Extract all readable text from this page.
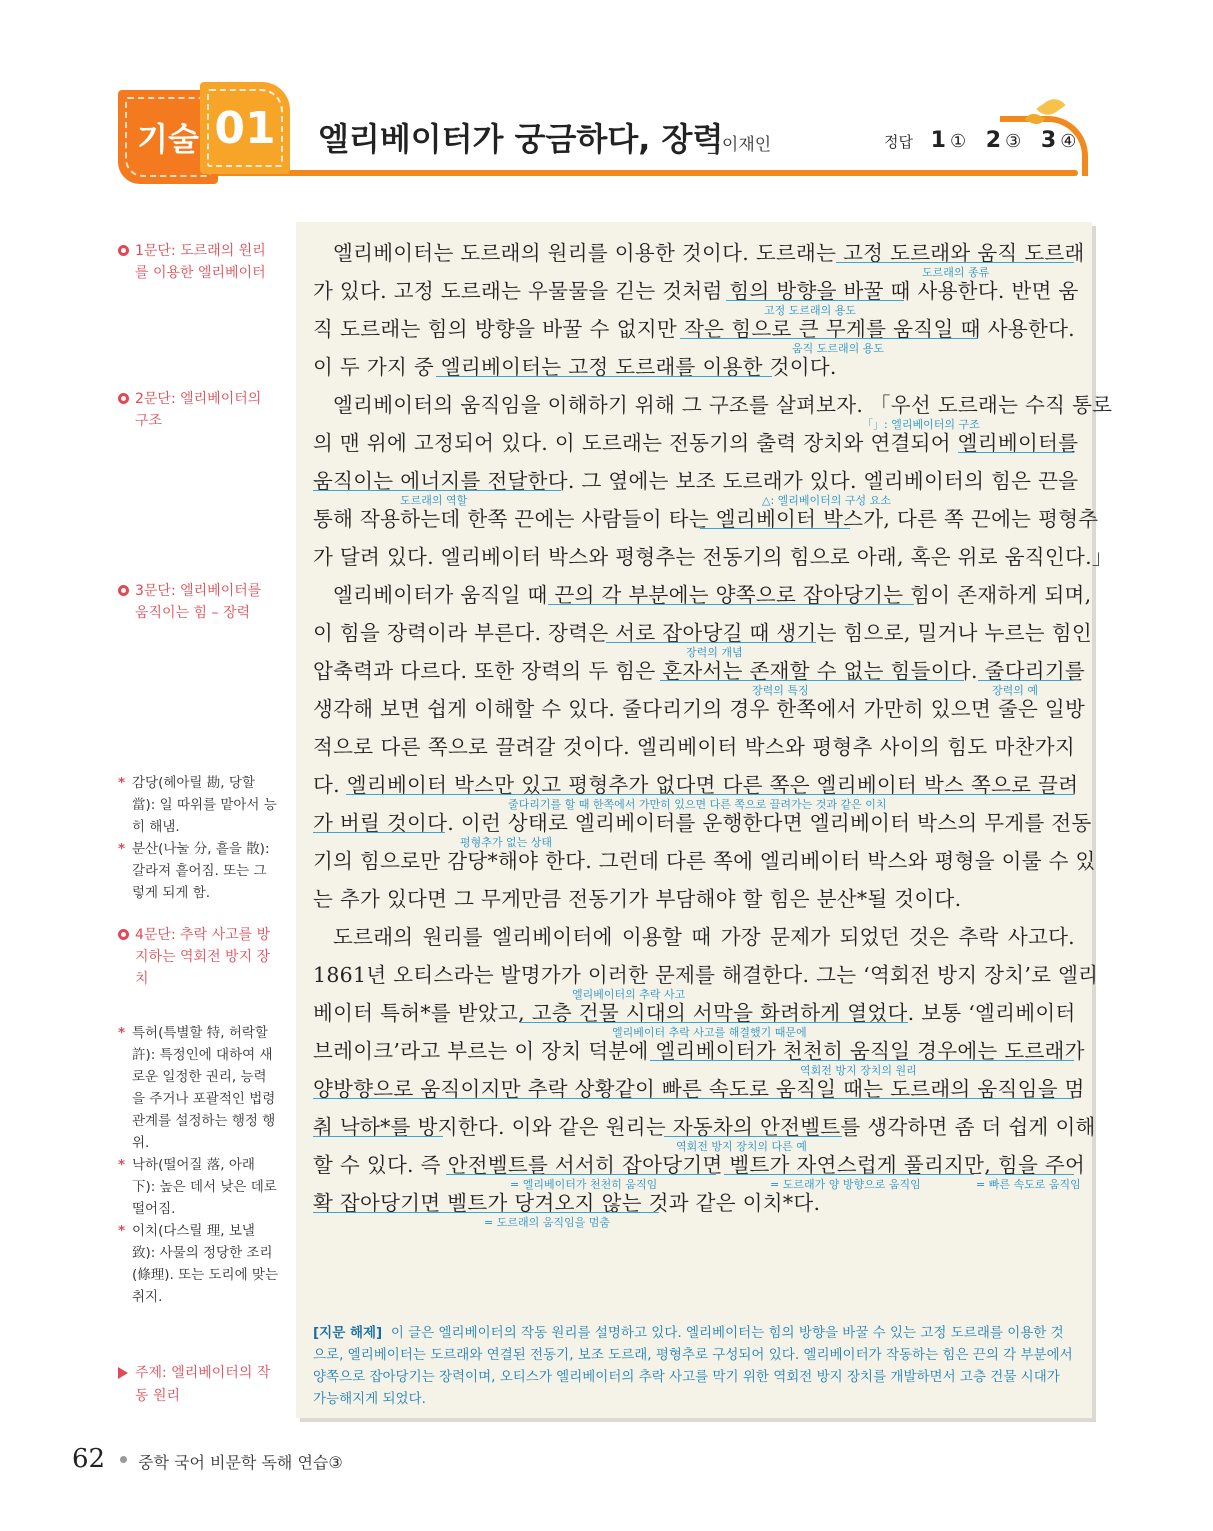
기술 01 엘리베이터가 궁금하다, 장력
_ 이재인	정답 1 ① 2 ③ 3 ④
1문단: 도르래의 원리를 이용한 엘리베이터
2문단: 엘리베이터의 구조
3문단: 엘리베이터를 움직이는 힘 – 장력

* 감당(헤아릴 勘, 당할 當): 일 따위를 맡아서 능히 해냄.

* 분산(나눌 分, 흩을 散): 갈라져 흩어짐. 또는 그렇게 되게 함.

4문단: 추락 사고를 방지하는 역회전 방지 장치

* 특허(특별할 特, 허락할 許): 특정인에 대하여 새로운 일정한 권리, 능력을 주거나 포괄적인 법령 관계를 설정하는 행정 행위.

* 낙하(떨어질 落, 아래 下): 높은 데서 낮은 데로 떨어짐.

* 이치(다스릴 理, 보낼 致): 사물의 정당한 조리(條理). 또는 도리에 맞는 취지.

주제: 엘리베이터의 작동 원리
엘리베이터는 도르래의 원리를 이용한 것이다. 도르래는 고정 도르래와 움직 도르래
가 있다. 고정 도르래는 우물물을 긷는 것처럼 힘의 방향을 바꿀 때 사용한다. 반면 움
직 도르래는 힘의 방향을 바꿀 수 없지만 작은 힘으로 큰 무게를 움직일 때 사용한다.
이 두 가지 중 엘리베이터는 고정 도르래를 이용한 것이다.
엘리베이터의 움직임을 이해하기 위해 그 구조를 살펴보자. 「우선 도르래는 수직 통로
의 맨 위에 고정되어 있다. 이 도르래는 전동기의 출력 장치와 연결되어 엘리베이터를
움직이는 에너지를 전달한다. 그 옆에는 보조 도르래가 있다. 엘리베이터의 힘은 끈을
통해 작용하는데 한쪽 끈에는 사람들이 타는 엘리베이터 박스가, 다른 쪽 끈에는 평형추
가 달려 있다. 엘리베이터 박스와 평형추는 전동기의 힘으로 아래, 혹은 위로 움직인다.」
엘리베이터가 움직일 때 끈의 각 부분에는 양쪽으로 잡아당기는 힘이 존재하게 되며,
이 힘을 장력이라 부른다. 장력은 서로 잡아당길 때 생기는 힘으로, 밀거나 누르는 힘인
압축력과 다르다. 또한 장력의 두 힘은 혼자서는 존재할 수 없는 힘들이다. 줄다리기를
생각해 보면 쉽게 이해할 수 있다. 줄다리기의 경우 한쪽에서 가만히 있으면 줄은 일방
적으로 다른 쪽으로 끌려갈 것이다. 엘리베이터 박스와 평형추 사이의 힘도 마찬가지
다. 엘리베이터 박스만 있고 평형추가 없다면 다른 쪽은 엘리베이터 박스 쪽으로 끌려
가 버릴 것이다. 이런 상태로 엘리베이터를 운행한다면 엘리베이터 박스의 무게를 전동
기의 힘으로만 감당*해야 한다. 그런데 다른 쪽에 엘리베이터 박스와 평형을 이룰 수 있
는 추가 있다면 그 무게만큼 전동기가 부담해야 할 힘은 분산*될 것이다.
도르래의 원리를 엘리베이터에 이용할 때 가장 문제가 되었던 것은 추락 사고다.
1861년 오티스라는 발명가가 이러한 문제를 해결한다. 그는 ‘역회전 방지 장치’로 엘리
베이터 특허*를 받았고, 고층 건물 시대의 서막을 화려하게 열었다. 보통 ‘엘리베이터
브레이크’라고 부르는 이 장치 덕분에 엘리베이터가 천천히 움직일 경우에는 도르래가
양방향으로 움직이지만 추락 상황같이 빠른 속도로 움직일 때는 도르래의 움직임을 멈
춰 낙하*를 방지한다. 이와 같은 원리는 자동차의 안전벨트를 생각하면 좀 더 쉽게 이해
할 수 있다. 즉 안전벨트를 서서히 잡아당기면 벨트가 자연스럽게 풀리지만, 힘을 주어
확 잡아당기면 벨트가 당겨오지 않는 것과 같은 이치*다.
도르래의 종류
고정 도르래의 용도
움직 도르래의 용도
「」: 엘리베이터의 구조
도르래의 역할	△: 엘리베이터의 구성 요소
장력의 개념
장력의 특징	장력의 예
줄다리기를 할 때 한쪽에서 가만히 있으면 다른 쪽으로 끌려가는 것과 같은 이치
평형추가 없는 상태
엘리베이터의 추락 사고
엘리베이터 추락 사고를 해결했기 때문에
역회전 방지 장치의 원리
역회전 방지 장치의 다른 예
= 엘리베이터가 천천히 움직임	= 도르래가 양 방향으로 움직임	= 빠른 속도로 움직임
= 도르래의 움직임을 멈춤
[지문 해제] 이 글은 엘리베이터의 작동 원리를 설명하고 있다. 엘리베이터는 힘의 방향을 바꿀 수 있는 고정 도르래를 이용한 것으로, 엘리베이터는 도르래와 연결된 전동기, 보조 도르래, 평형추로 구성되어 있다. 엘리베이터가 작동하는 힘은 끈의 각 부분에서 양쪽으로 잡아당기는 장력이며, 오티스가 엘리베이터의 추락 사고를 막기 위한 역회전 방지 장치를 개발하면서 고층 건물 시대가 가능해지게 되었다.
62 중학 국어 비문학 독해 연습③
